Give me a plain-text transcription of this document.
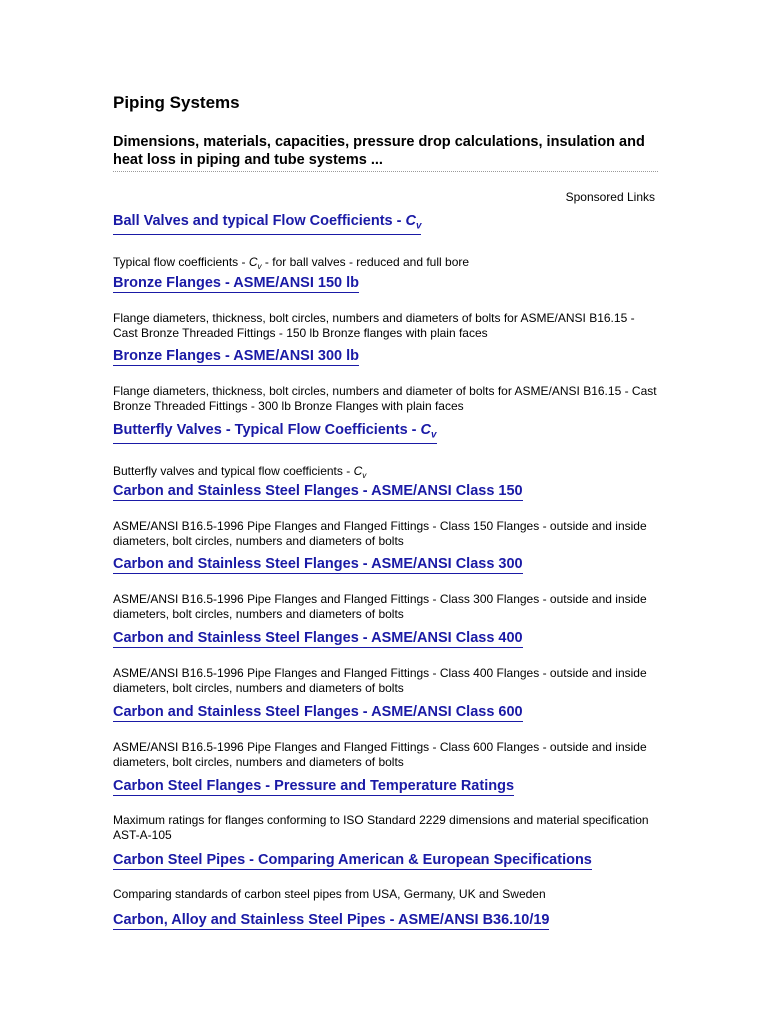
Piping Systems

Dimensions, materials, capacities, pressure drop calculations, insulation and heat loss in piping and tube systems ...

Sponsored Links
Ball Valves and typical Flow Coefficients - $C_v$

Typical flow coefficients - $C_v$ - for ball valves - reduced and full bore

Bronze Flanges - ASME/ANSI 150 lb

Flange diameters, thickness, bolt circles, numbers and diameters of bolts for ASME/ANSI B16.15 -
Cast Bronze Threaded Fittings - 150 lb Bronze flanges with plain faces

Bronze Flanges - ASME/ANSI 300 lb

Flange diameters, thickness, bolt circles, numbers and diameter of bolts for ASME/ANSI B16.15 - Cast
Bronze Threaded Fittings - 300 lb Bronze Flanges with plain faces

Butterfly Valves - Typical Flow Coefficients - $C_v$

Butterfly valves and typical flow coefficients - $C_v$

Carbon and Stainless Steel Flanges - ASME/ANSI Class 150

ASME/ANSI B16.5-1996 Pipe Flanges and Flanged Fittings - Class 150 Flanges - outside and inside
diameters, bolt circles, numbers and diameters of bolts

Carbon and Stainless Steel Flanges - ASME/ANSI Class 300

ASME/ANSI B16.5-1996 Pipe Flanges and Flanged Fittings - Class 300 Flanges - outside and inside
diameters, bolt circles, numbers and diameters of bolts

Carbon and Stainless Steel Flanges - ASME/ANSI Class 400

ASME/ANSI B16.5-1996 Pipe Flanges and Flanged Fittings - Class 400 Flanges - outside and inside
diameters, bolt circles, numbers and diameters of bolts

Carbon and Stainless Steel Flanges - ASME/ANSI Class 600

ASME/ANSI B16.5-1996 Pipe Flanges and Flanged Fittings - Class 600 Flanges - outside and inside
diameters, bolt circles, numbers and diameters of bolts

Carbon Steel Flanges - Pressure and Temperature Ratings

Maximum ratings for flanges conforming to ISO Standard 2229 dimensions and material specification
AST-A-105

Carbon Steel Pipes - Comparing American & European Specifications

Comparing standards of carbon steel pipes from USA, Germany, UK and Sweden

Carbon, Alloy and Stainless Steel Pipes - ASME/ANSI B36.10/19
